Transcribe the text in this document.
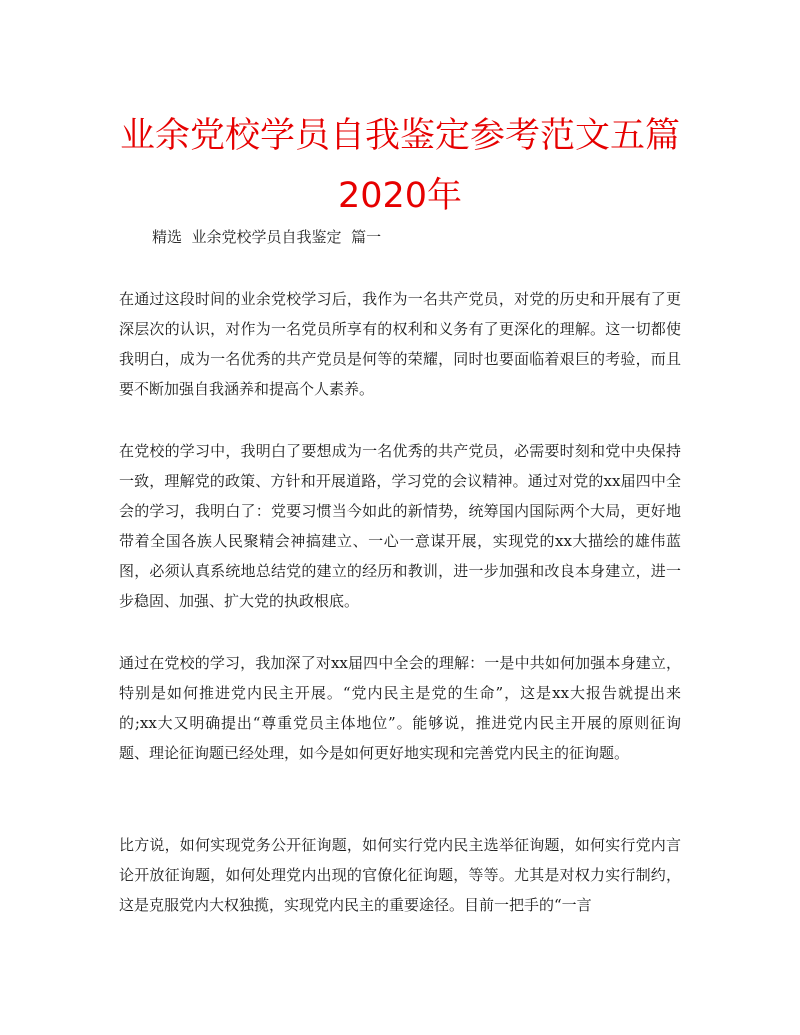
业余党校学员自我鉴定参考范文五篇2020年
精选  业余党校学员自我鉴定  篇一

在通过这段时间的业余党校学习后，我作为一名共产党员，对党的历史和开展有了更深层次的认识，对作为一名党员所享有的权利和义务有了更深化的理解。这一切都使我明白，成为一名优秀的共产党员是何等的荣耀，同时也要面临着艰巨的考验，而且要不断加强自我涵养和提高个人素养。

在党校的学习中，我明白了要想成为一名优秀的共产党员，必需要时刻和党中央保持一致，理解党的政策、方针和开展道路，学习党的会议精神。通过对党的xx届四中全会的学习，我明白了：党要习惯当今如此的新情势，统筹国内国际两个大局，更好地带着全国各族人民聚精会神搞建立、一心一意谋开展，实现党的xx大描绘的雄伟蓝图，必须认真系统地总结党的建立的经历和教训，进一步加强和改良本身建立，进一步稳固、加强、扩大党的执政根底。

通过在党校的学习，我加深了对xx届四中全会的理解：一是中共如何加强本身建立，特别是如何推进党内民主开展。“党内民主是党的生命”，这是xx大报告就提出来的;xx大又明确提出“尊重党员主体地位”。能够说，推进党内民主开展的原则征询题、理论征询题已经处理，如今是如何更好地实现和完善党内民主的征询题。

比方说，如何实现党务公开征询题，如何实行党内民主选举征询题，如何实行党内言论开放征询题，如何处理党内出现的官僚化征询题，等等。尤其是对权力实行制约，这是克服党内大权独揽，实现党内民主的重要途径。目前一把手的“一言
